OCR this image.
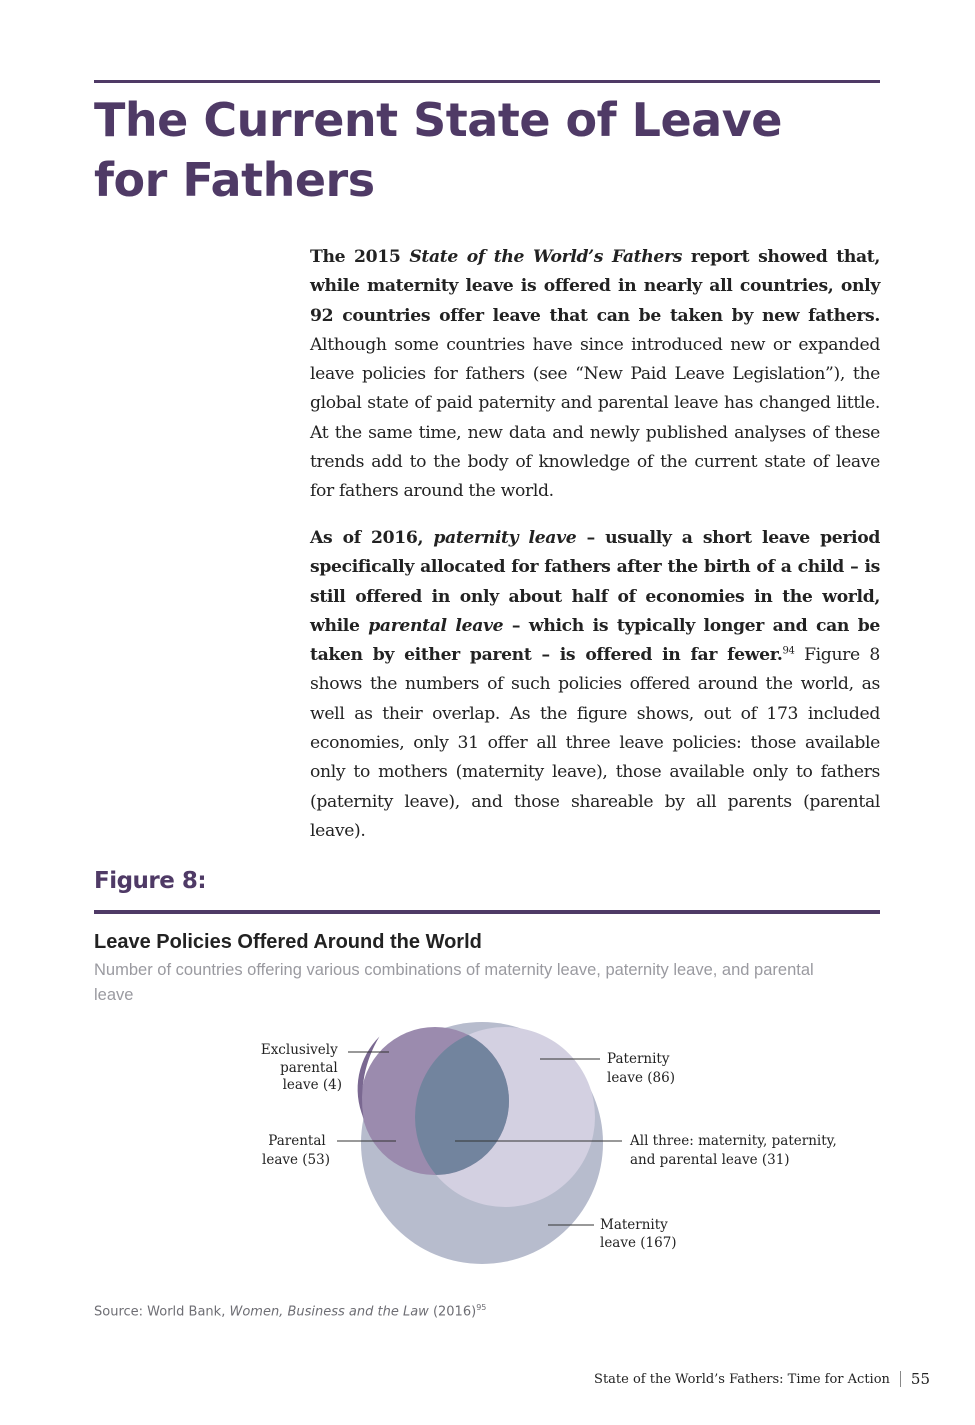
The Current State of Leave for Fathers

The 2015 State of the World’s Fathers report showed that, while maternity leave is offered in nearly all countries, only 92 countries offer leave that can be taken by new fathers. Although some countries have since introduced new or expanded leave policies for fathers (see “New Paid Leave Legislation”), the global state of paid paternity and parental leave has changed little. At the same time, new data and newly published analyses of these trends add to the body of knowledge of the current state of leave for fathers around the world.

As of 2016, paternity leave – usually a short leave period specifically allocated for fathers after the birth of a child – is still offered in only about half of economies in the world, while parental leave – which is typically longer and can be taken by either parent – is offered in far fewer.$^{94}$ Figure 8 shows the numbers of such policies offered around the world, as well as their overlap. As the figure shows, out of 173 included economies, only 31 offer all three leave policies: those available only to mothers (maternity leave), those available only to fathers (paternity leave), and those shareable by all parents (parental leave).

Figure 8:
Leave Policies Offered Around the World

Number of countries offering various combinations of maternity leave, paternity leave, and parental leave

Exclusively parental leave (4)
Paternity leave (86)
Parental leave (53)
All three: maternity, paternity, and parental leave (31)
Maternity leave (167)

Source: World Bank, Women, Business and the Law $(2016)^{95}$

State of the World’s Fathers: Time for Action 55
